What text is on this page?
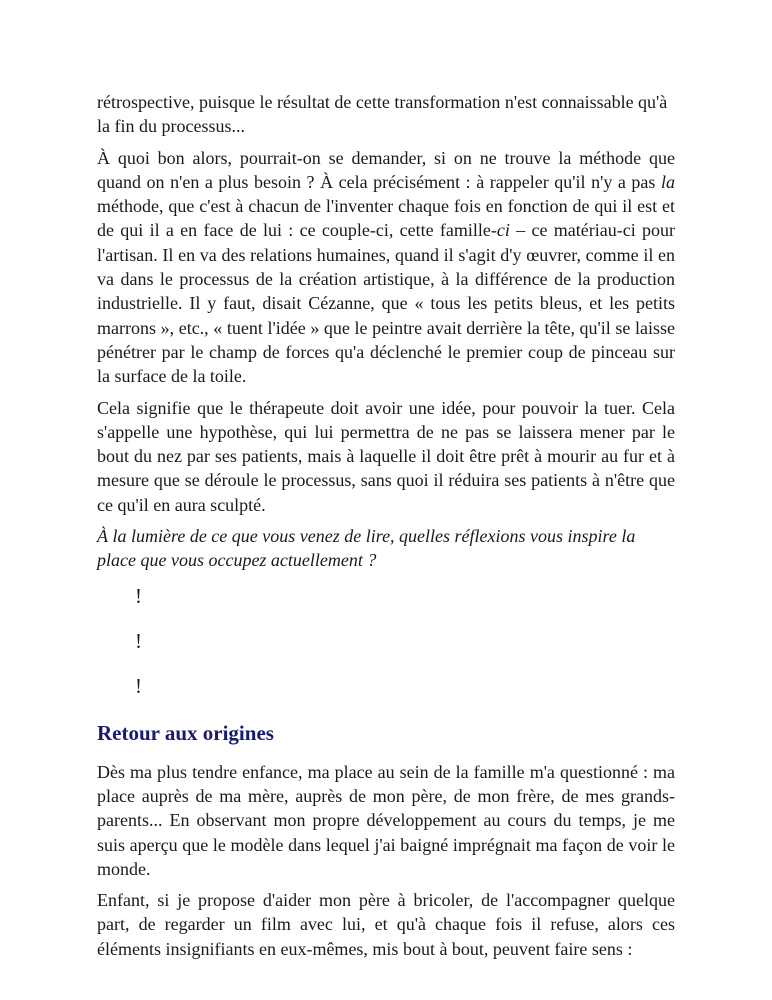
rétrospective, puisque le résultat de cette transformation n'est connaissable qu'à la fin du processus...

À quoi bon alors, pourrait-on se demander, si on ne trouve la méthode que quand on n'en a plus besoin ? À cela précisément : à rappeler qu'il n'y a pas la méthode, que c'est à chacun de l'inventer chaque fois en fonction de qui il est et de qui il a en face de lui : ce couple-ci, cette famille-ci – ce matériau-ci pour l'artisan. Il en va des relations humaines, quand il s'agit d'y œuvrer, comme il en va dans le processus de la création artistique, à la différence de la production industrielle. Il y faut, disait Cézanne, que « tous les petits bleus, et les petits marrons », etc., « tuent l'idée » que le peintre avait derrière la tête, qu'il se laisse pénétrer par le champ de forces qu'a déclenché le premier coup de pinceau sur la surface de la toile.

Cela signifie que le thérapeute doit avoir une idée, pour pouvoir la tuer. Cela s'appelle une hypothèse, qui lui permettra de ne pas se laissera mener par le bout du nez par ses patients, mais à laquelle il doit être prêt à mourir au fur et à mesure que se déroule le processus, sans quoi il réduira ses patients à n'être que ce qu'il en aura sculpté.

À la lumière de ce que vous venez de lire, quelles réflexions vous inspire la place que vous occupez actuellement ?

!
!
!
Retour aux origines

Dès ma plus tendre enfance, ma place au sein de la famille m'a questionné : ma place auprès de ma mère, auprès de mon père, de mon frère, de mes grands-parents... En observant mon propre développement au cours du temps, je me suis aperçu que le modèle dans lequel j'ai baigné imprégnait ma façon de voir le monde.

Enfant, si je propose d'aider mon père à bricoler, de l'accompagner quelque part, de regarder un film avec lui, et qu'à chaque fois il refuse, alors ces éléments insignifiants en eux-mêmes, mis bout à bout, peuvent faire sens :
